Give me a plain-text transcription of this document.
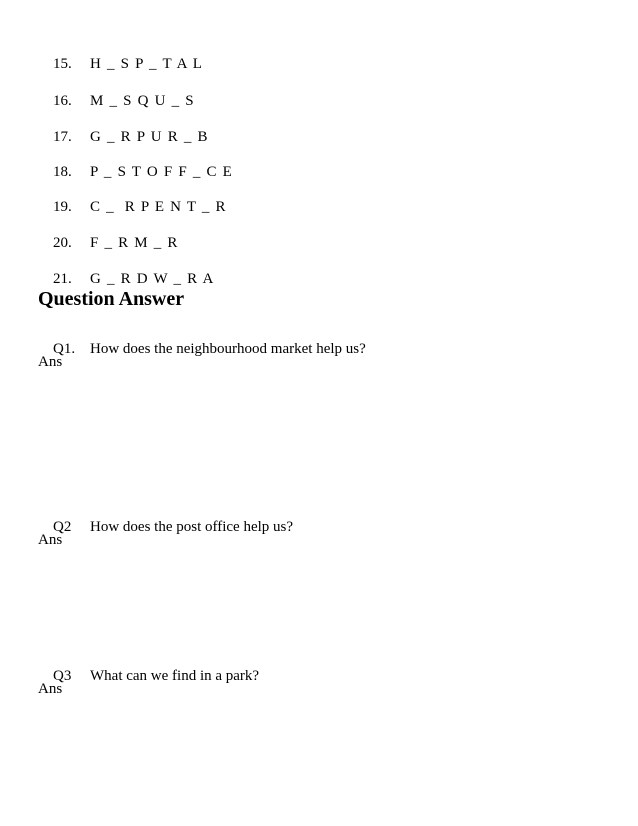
15. H _ S P _ T A L

16. M _ S Q U _ S

17. G _ R P U R _ B

18. P _ S T O F F _ C E

19. C _  R P E N T _ R

20. F _ R M _ R

21. G _ R D W _ R A

Question Answer

Q1. How does the neighbourhood market help us?

Ans

Q2 How does the post office help us?

Ans

Q3 What can we find in a park?

Ans
